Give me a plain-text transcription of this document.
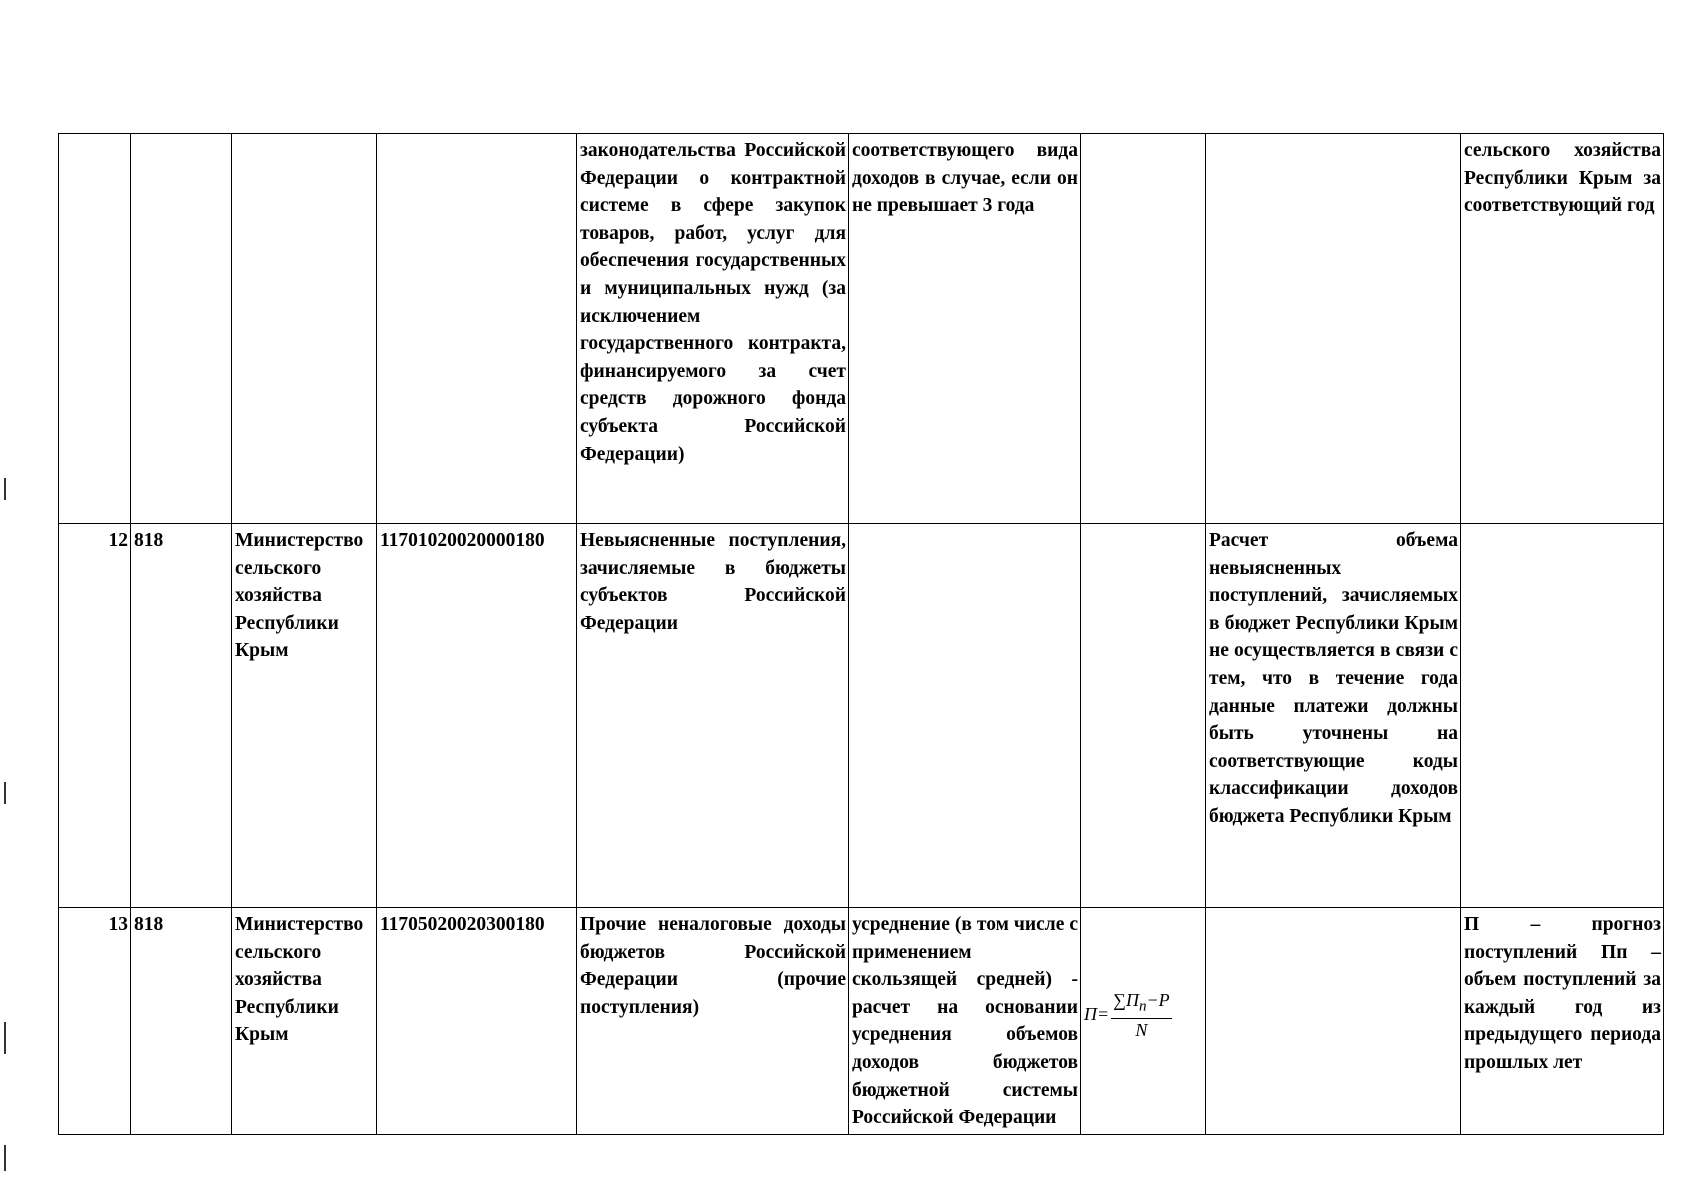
				законодательства Российской Федерации о контрактной системе в сфере закупок товаров, работ, услуг для обеспечения государственных и муниципальных нужд (за исключением государственного контракта, финансируемого за счет средств дорожного фонда субъекта Российской Федерации)	соответствующего вида доходов в случае, если он не превышает 3 года			сельского хозяйства Республики Крым за соответствующий год
12	818	Министерство сельского хозяйства Республики Крым	11701020020000180	Невыясненные поступления, зачисляемые в бюджеты субъектов Российской Федерации			Расчет объема невыясненных поступлений, зачисляемых в бюджет Республики Крым не осуществляется в связи с тем, что в течение года данные платежи должны быть уточнены на соответствующие коды классификации доходов бюджета Республики Крым	
13	818	Министерство сельского хозяйства Республики Крым	11705020020300180	Прочие неналоговые доходы бюджетов Российской Федерации (прочие поступления)	усреднение (в том числе с применением скользящей средней) - расчет на основании усреднения объемов доходов бюджетов бюджетной системы Российской Федерации	$П= \frac{\sum П_п-P}{N}$		П – прогноз поступлений Пп – объем поступлений за каждый год из предыдущего периода прошлых лет
